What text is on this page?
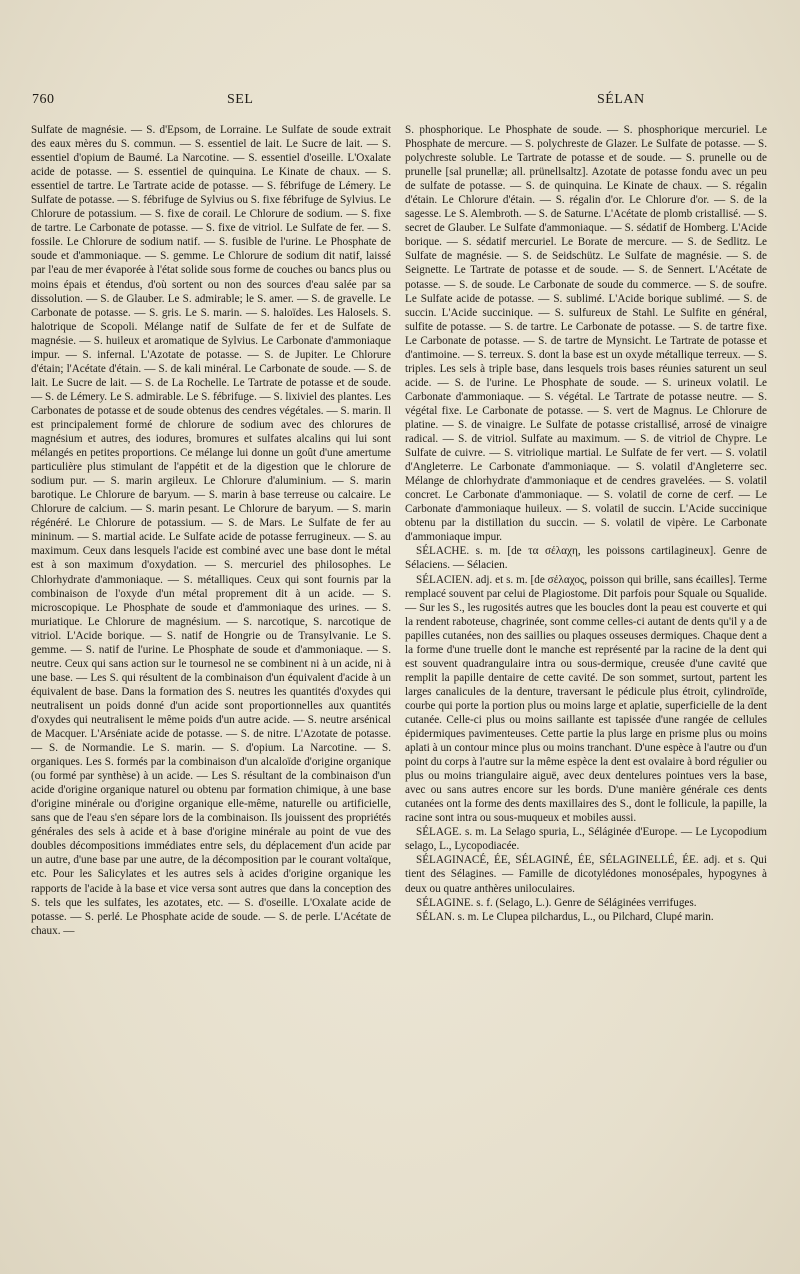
760	SEL	SÉLAN

Sulfate de magnésie. — S. d'Epsom, de Lorraine. Le Sulfate de soude extrait des eaux mères du S. commun. — S. essentiel de lait. Le Sucre de lait. — S. essentiel d'opium de Baumé. La Narcotine. — S. essentiel d'oseille. L'Oxalate acide de potasse. — S. essentiel de quinquina. Le Kinate de chaux. — S. essentiel de tartre. Le Tartrate acide de potasse. — S. fébrifuge de Lémery. Le Sulfate de potasse. — S. fébrifuge de Sylvius ou S. fixe fébrifuge de Sylvius. Le Chlorure de potassium. — S. fixe de corail. Le Chlorure de sodium. — S. fixe de tartre. Le Carbonate de potasse. — S. fixe de vitriol. Le Sulfate de fer. — S. fossile. Le Chlorure de sodium natif. — S. fusible de l'urine. Le Phosphate de soude et d'ammoniaque. — S. gemme. Le Chlorure de sodium dit natif, laissé par l'eau de mer évaporée à l'état solide sous forme de couches ou bancs plus ou moins épais et étendus, d'où sortent ou non des sources d'eau salée par sa dissolution. — S. de Glauber. Le S. admirable; le S. amer. — S. de gravelle. Le Carbonate de potasse. — S. gris. Le S. marin. — S. haloïdes. Les Halosels. S. halotrique de Scopoli. Mélange natif de Sulfate de fer et de Sulfate de magnésie. — S. huileux et aromatique de Sylvius. Le Carbonate d'ammoniaque impur. — S. infernal. L'Azotate de potasse. — S. de Jupiter. Le Chlorure d'étain; l'Acétate d'étain. — S. de kali minéral. Le Carbonate de soude. — S. de lait. Le Sucre de lait. — S. de La Rochelle. Le Tartrate de potasse et de soude. — S. de Lémery. Le S. admirable. Le S. fébrifuge. — S. lixiviel des plantes. Les Carbonates de potasse et de soude obtenus des cendres végétales. — S. marin. Il est principalement formé de chlorure de sodium avec des chlorures de magnésium et autres, des iodures, bromures et sulfates alcalins qui lui sont mélangés en petites proportions. Ce mélange lui donne un goût d'une amertume particulière plus stimulant de l'appétit et de la digestion que le chlorure de sodium pur. — S. marin argileux. Le Chlorure d'aluminium. — S. marin barotique. Le Chlorure de baryum. — S. marin à base terreuse ou calcaire. Le Chlorure de calcium. — S. marin pesant. Le Chlorure de baryum. — S. marin régénéré. Le Chlorure de potassium. — S. de Mars. Le Sulfate de fer au mininum. — S. martial acide. Le Sulfate acide de potasse ferrugineux. — S. au maximum. Ceux dans lesquels l'acide est combiné avec une base dont le métal est à son maximum d'oxydation. — S. mercuriel des philosophes. Le Chlorhydrate d'ammoniaque. — S. métalliques. Ceux qui sont fournis par la combinaison de l'oxyde d'un métal proprement dit à un acide. — S. microscopique. Le Phosphate de soude et d'ammoniaque des urines. — S. muriatique. Le Chlorure de magnésium. — S. narcotique, S. narcotique de vitriol. L'Acide borique. — S. natif de Hongrie ou de Transylvanie. Le S. gemme. — S. natif de l'urine. Le Phosphate de soude et d'ammoniaque. — S. neutre. Ceux qui sans action sur le tournesol ne se combinent ni à un acide, ni à une base. — Les S. qui résultent de la combinaison d'un équivalent d'acide à un équivalent de base. Dans la formation des S. neutres les quantités d'oxydes qui neutralisent un poids donné d'un acide sont proportionnelles aux quantités d'oxydes qui neutralisent le même poids d'un autre acide. — S. neutre arsénical de Macquer. L'Arséniate acide de potasse. — S. de nitre. L'Azotate de potasse. — S. de Normandie. Le S. marin. — S. d'opium. La Narcotine. — S. organiques. Les S. formés par la combinaison d'un alcaloïde d'origine organique (ou formé par synthèse) à un acide. — Les S. résultant de la combinaison d'un acide d'origine organique naturel ou obtenu par formation chimique, à une base d'origine minérale ou d'origine organique elle-même, naturelle ou artificielle, sans que de l'eau s'en sépare lors de la combinaison. Ils jouissent des propriétés générales des sels à acide et à base d'origine minérale au point de vue des doubles décompositions immédiates entre sels, du déplacement d'un acide par un autre, d'une base par une autre, de la décomposition par le courant voltaïque, etc. Pour les Salicylates et les autres sels à acides d'origine organique les rapports de l'acide à la base et vice versa sont autres que dans la conception des S. tels que les sulfates, les azotates, etc. — S. d'oseille. L'Oxalate acide de potasse. — S. perlé. Le Phosphate acide de soude. — S. de perle. L'Acétate de chaux. —

S. phosphorique. Le Phosphate de soude. — S. phosphorique mercuriel. Le Phosphate de mercure. — S. polychreste de Glazer. Le Sulfate de potasse. — S. polychreste soluble. Le Tartrate de potasse et de soude. — S. prunelle ou de prunelle [sal prunellæ; all. prünellsaltz]. Azotate de potasse fondu avec un peu de sulfate de potasse. — S. de quinquina. Le Kinate de chaux. — S. régalin d'étain. Le Chlorure d'étain. — S. régalin d'or. Le Chlorure d'or. — S. de la sagesse. Le S. Alembroth. — S. de Saturne. L'Acétate de plomb cristallisé. — S. secret de Glauber. Le Sulfate d'ammoniaque. — S. sédatif de Homberg. L'Acide borique. — S. sédatif mercuriel. Le Borate de mercure. — S. de Sedlitz. Le Sulfate de magnésie. — S. de Seidschütz. Le Sulfate de magnésie. — S. de Seignette. Le Tartrate de potasse et de soude. — S. de Sennert. L'Acétate de potasse. — S. de soude. Le Carbonate de soude du commerce. — S. de soufre. Le Sulfate acide de potasse. — S. sublimé. L'Acide borique sublimé. — S. de succin. L'Acide succinique. — S. sulfureux de Stahl. Le Sulfite en général, sulfite de potasse. — S. de tartre. Le Carbonate de potasse. — S. de tartre fixe. Le Carbonate de potasse. — S. de tartre de Mynsicht. Le Tartrate de potasse et d'antimoine. — S. terreux. S. dont la base est un oxyde métallique terreux. — S. triples. Les sels à triple base, dans lesquels trois bases réunies saturent un seul acide. — S. de l'urine. Le Phosphate de soude. — S. urineux volatil. Le Carbonate d'ammoniaque. — S. végétal. Le Tartrate de potasse neutre. — S. végétal fixe. Le Carbonate de potasse. — S. vert de Magnus. Le Chlorure de platine. — S. de vinaigre. Le Sulfate de potasse cristallisé, arrosé de vinaigre radical. — S. de vitriol. Sulfate au maximum. — S. de vitriol de Chypre. Le Sulfate de cuivre. — S. vitriolique martial. Le Sulfate de fer vert. — S. volatil d'Angleterre. Le Carbonate d'ammoniaque. — S. volatil d'Angleterre sec. Mélange de chlorhydrate d'ammoniaque et de cendres gravelées. — S. volatil concret. Le Carbonate d'ammoniaque. — S. volatil de corne de cerf. — Le Carbonate d'ammoniaque huileux. — S. volatil de succin. L'Acide succinique obtenu par la distillation du succin. — S. volatil de vipère. Le Carbonate d'ammoniaque impur.

SÉLACHE. s. m. [de τα σέλαχη, les poissons cartilagineux]. Genre de Sélaciens. — Sélacien.

SÉLACIEN. adj. et s. m. [de σέλαχος, poisson qui brille, sans écailles]. Terme remplacé souvent par celui de Plagiostome. Dit parfois pour Squale ou Squalide. — Sur les S., les rugosités autres que les boucles dont la peau est couverte et qui la rendent raboteuse, chagrinée, sont comme celles-ci autant de dents qu'il y a de papilles cutanées, non des saillies ou plaques osseuses dermiques. Chaque dent a la forme d'une truelle dont le manche est représenté par la racine de la dent qui est souvent quadrangulaire intra ou sous-dermique, creusée d'une cavité que remplit la papille dentaire de cette cavité. De son sommet, surtout, partent les larges canalicules de la denture, traversant le pédicule plus étroit, cylindroïde, courbe qui porte la portion plus ou moins large et aplatie, superficielle de la dent cutanée. Celle-ci plus ou moins saillante est tapissée d'une rangée de cellules épidermiques pavimenteuses. Cette partie la plus large en prisme plus ou moins aplati à un contour mince plus ou moins tranchant. D'une espèce à l'autre ou d'un point du corps à l'autre sur la même espèce la dent est ovalaire à bord régulier ou plus ou moins triangulaire aiguë, avec deux dentelures pointues vers la base, avec ou sans autres encore sur les bords. D'une manière générale ces dents cutanées ont la forme des dents maxillaires des S., dont le follicule, la papille, la racine sont intra ou sous-muqueux et mobiles aussi.

SÉLAGE. s. m. La Selago spuria, L., Séláginée d'Europe. — Le Lycopodium selago, L., Lycopodiacée.

SÉLAGINACÉ, ÉE, SÉLAGINÉ, ÉE, SÉLAGINELLÉ, ÉE. adj. et s. Qui tient des Sélagines. — Famille de dicotylédones monosépales, hypogynes à deux ou quatre anthères uniloculaires.

SÉLAGINE. s. f. (Selago, L.). Genre de Séláginées verrifuges.

SÉLAN. s. m. Le Clupea pilchardus, L., ou Pilchard, Clupé marin.
